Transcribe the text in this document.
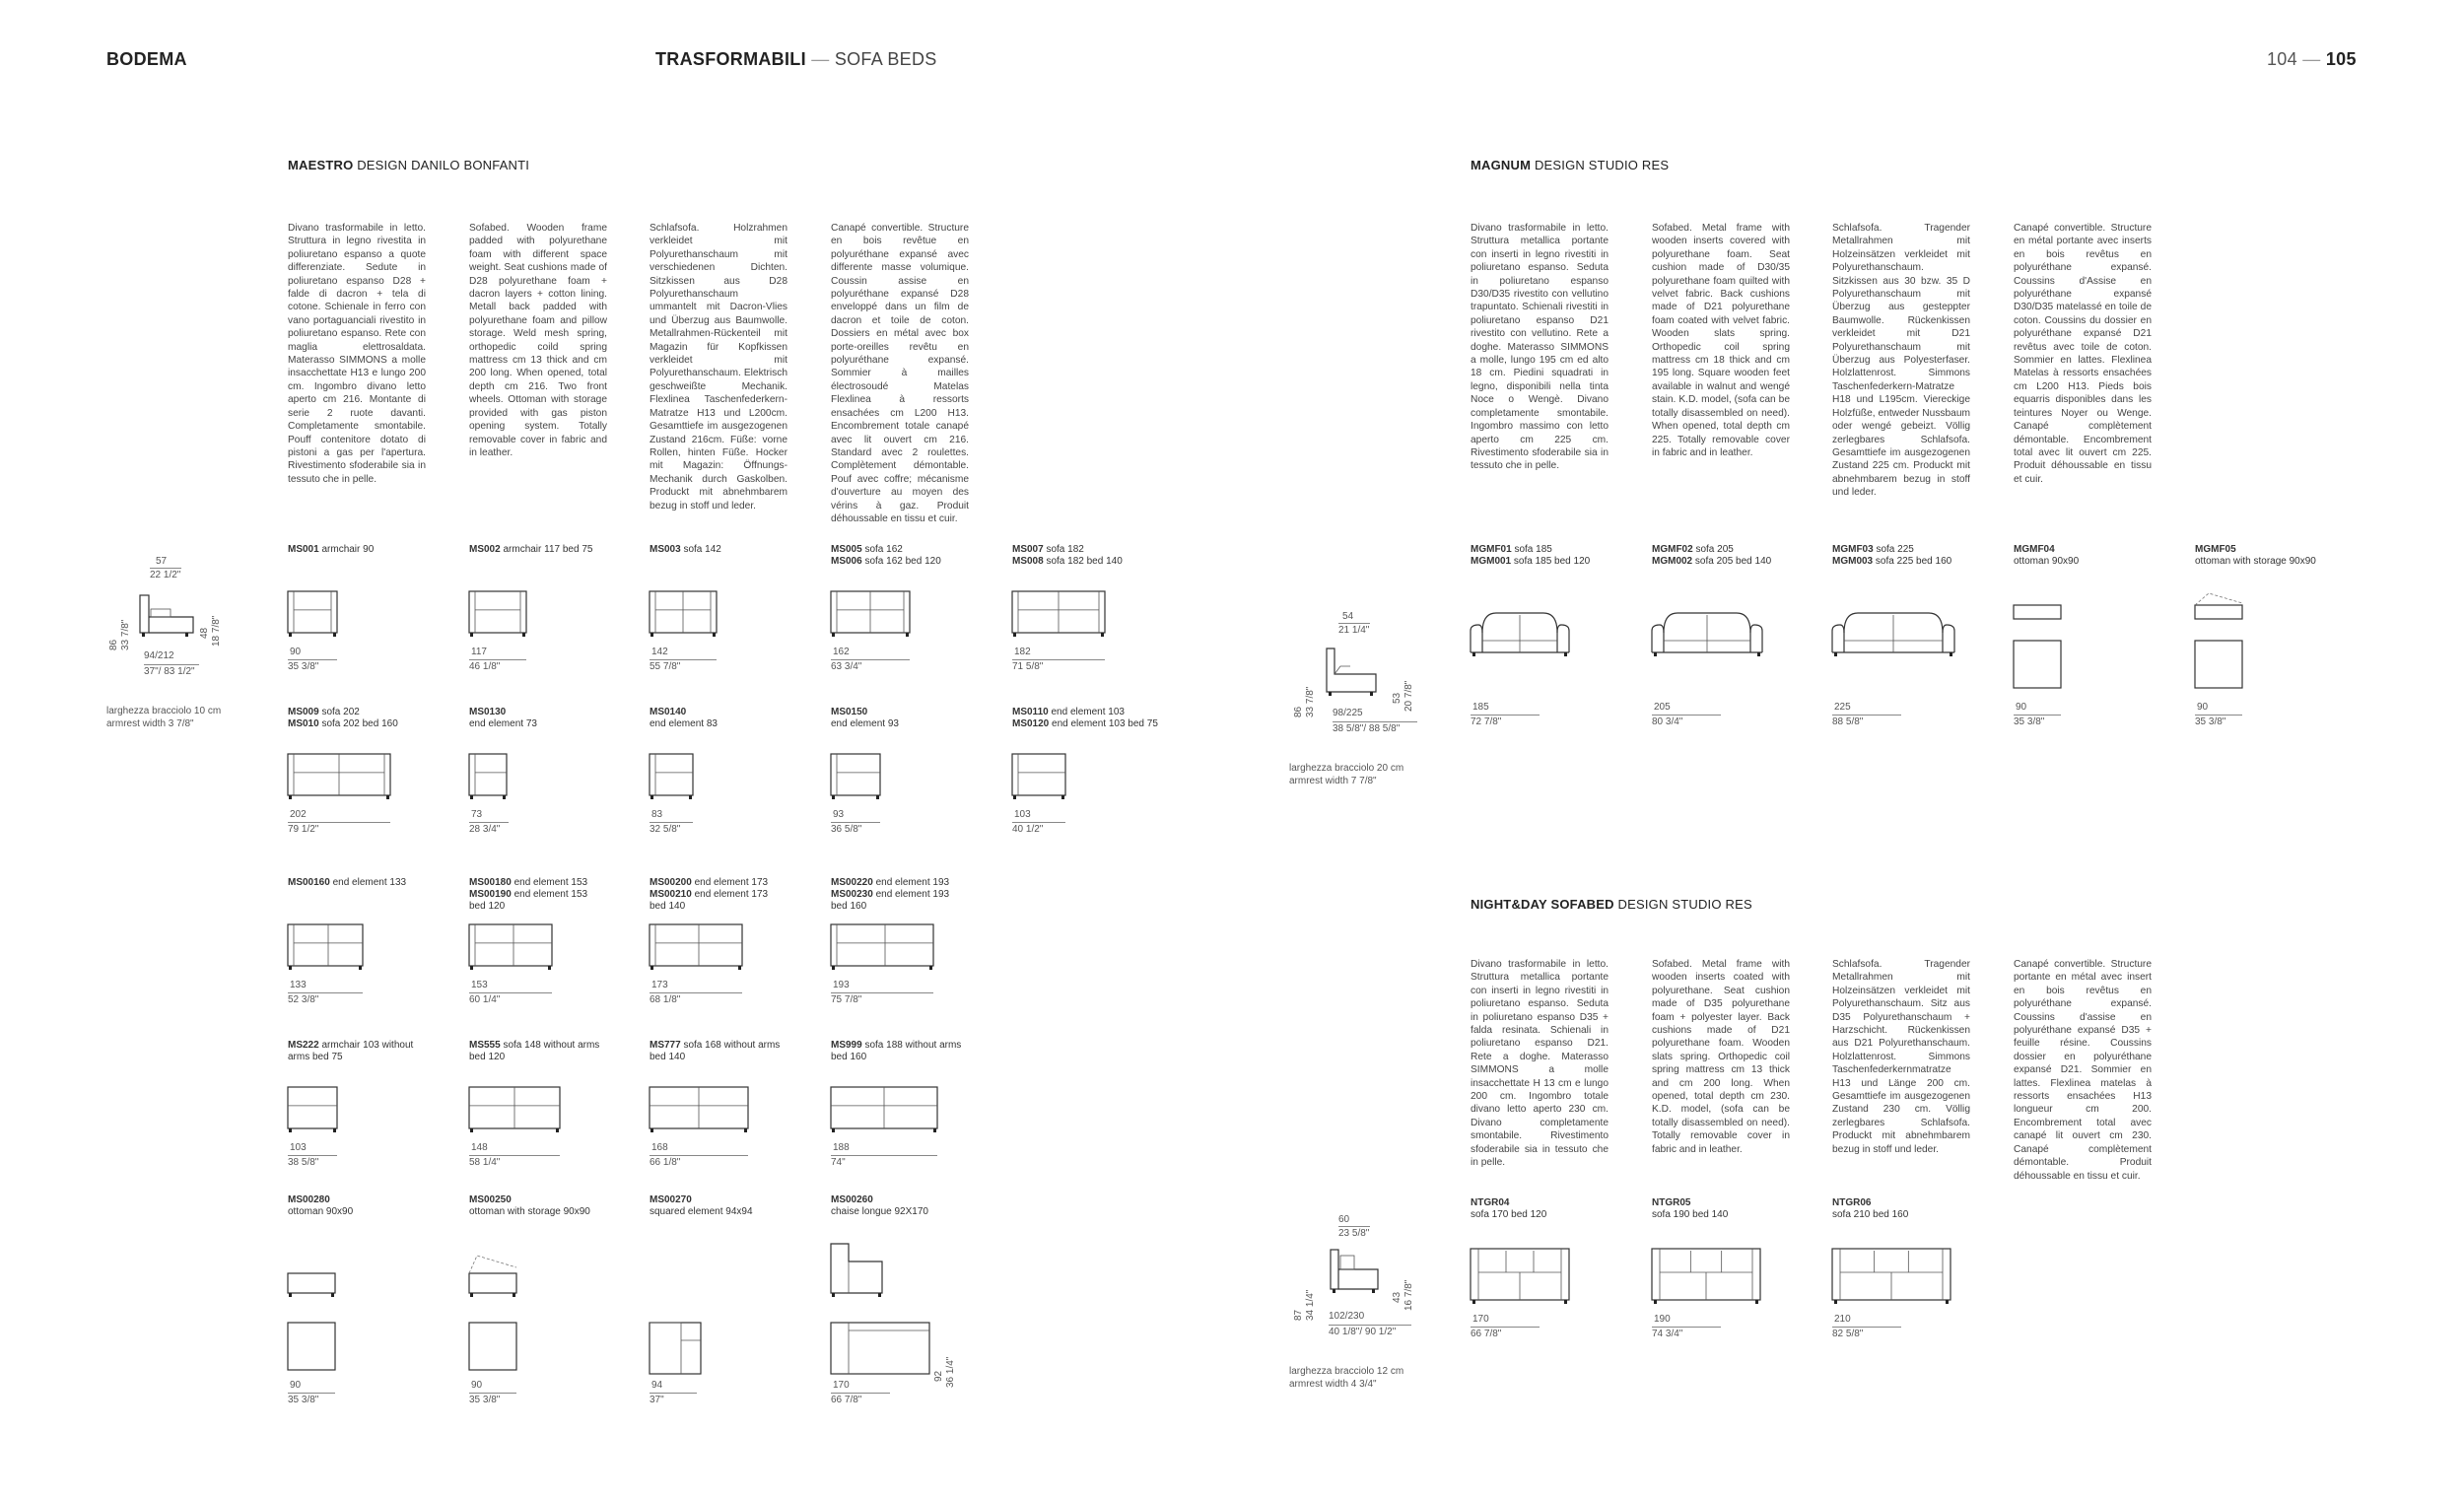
BODEMA	TRASFORMABILI — SOFA BEDS	104 — 105
MAESTRO DESIGN DANILO BONFANTI
Divano trasformabile in letto. Struttura in legno rivestita in poliuretano espanso a quote differenziate. Sedute in poliuretano espanso D28 + falde di dacron + tela di cotone. Schienale in ferro con vano portaguanciali rivestito in poliuretano espanso. Rete con maglia elettrosaldata. Materasso SIMMONS a molle insacchettate H13 e lungo 200 cm. Ingombro divano letto aperto cm 216. Montante di serie 2 ruote davanti. Completamente smontabile. Pouff contenitore dotato di pistoni a gas per l'apertura. Rivestimento sfoderabile sia in tessuto che in pelle.
Sofabed. Wooden frame padded with polyurethane foam with different space weight. Seat cushions made of D28 polyurethane foam + dacron layers + cotton lining. Metall back padded with polyurethane foam and pillow storage. Weld mesh spring, orthopedic coild spring mattress cm 13 thick and cm 200 long. When opened, total depth cm 216. Two front wheels. Ottoman with storage provided with gas piston opening system. Totally removable cover in fabric and in leather.
Schlafsofa. Holzrahmen verkleidet mit Polyurethanschaum mit verschiedenen Dichten. Sitzkissen aus D28 Polyurethanschaum ummantelt mit Dacron-Vlies und Überzug aus Baumwolle. Metallrahmen-Rückenteil mit Magazin für Kopfkissen verkleidet mit Polyurethanschaum. Elektrisch geschweißte Mechanik. Flexlinea Taschenfederkern-Matratze H13 und L200cm. Gesamttiefe im ausgezogenen Zustand 216cm. Füße: vorne Rollen, hinten Füße. Hocker mit Magazin: Öffnungs-Mechanik durch Gaskolben. Produckt mit abnehmbarem bezug in stoff und leder.
Canapé convertible. Structure en bois revêtue en polyuréthane expansé avec differente masse volumique. Coussin assise en polyuréthane expansé D28 enveloppé dans un film de dacron et toile de coton. Dossiers en métal avec box porte-oreilles revêtu en polyuréthane expansé. Sommier à mailles électrosoudé Matelas Flexlinea à ressorts ensachées cm L200 H13. Encombrement totale canapé avec lit ouvert cm 216. Standard avec 2 roulettes. Complètement démontable. Pouf avec coffre; mécanisme d'ouverture au moyen des vérins à gaz. Produit déhoussable en tissu et cuir.
57
22 1/2"
86 33 7/8"	48 18 7/8"
94/212
37"/ 83 1/2"
larghezza bracciolo 10 cm
armrest width 3 7/8"
MS001 armchair 90
90
35 3/8"
MS002 armchair 117 bed 75
117
46 1/8"
MS003 sofa 142
142
55 7/8"
MS005 sofa 162
MS006 sofa 162 bed 120
162
63 3/4"
MS007 sofa 182
MS008 sofa 182 bed 140
182
71 5/8"
MS009 sofa 202
MS010 sofa 202 bed 160
202
79 1/2"
MS0130
end element 73
73
28 3/4"
MS0140
end element 83
83
32 5/8"
MS0150
end element 93
93
36 5/8"
MS0110 end element 103
MS0120 end element 103 bed 75
103
40 1/2"
MS00160 end element 133
133
52 3/8"
MS00180 end element 153
MS00190 end element 153
bed 120
153
60 1/4"
MS00200 end element 173
MS00210 end element 173
bed 140
173
68 1/8"
MS00220 end element 193
MS00230 end element 193
bed 160
193
75 7/8"
MS222 armchair 103 without
arms bed 75
103
38 5/8"
MS555 sofa 148 without arms
bed 120
148
58 1/4"
MS777 sofa 168 without arms
bed 140
168
66 1/8"
MS999 sofa 188 without arms
bed 160
188
74"
MS00280
ottoman 90x90
90
35 3/8"
MS00250
ottoman with storage 90x90
90
35 3/8"
MS00270
squared element 94x94
94
37"
MS00260
chaise longue 92X170
92 36 1/4"
170
66 7/8"
MAGNUM DESIGN STUDIO RES
Divano trasformabile in letto. Struttura metallica portante con inserti in legno rivestiti in poliuretano espanso. Seduta in poliuretano espanso D30/D35 rivestito con vellutino trapuntato. Schienali rivestiti in poliuretano espanso D21 rivestito con vellutino. Rete a doghe. Materasso SIMMONS a molle, lungo 195 cm ed alto 18 cm. Piedini squadrati in legno, disponibili nella tinta Noce o Wengè. Divano completamente smontabile. Ingombro massimo con letto aperto cm 225 cm. Rivestimento sfoderabile sia in tessuto che in pelle.
Sofabed. Metal frame with wooden inserts covered with polyurethane foam. Seat cushion made of D30/35 polyurethane foam quilted with velvet fabric. Back cushions made of D21 polyurethane foam coated with velvet fabric. Wooden slats spring. Orthopedic coil spring mattress cm 18 thick and cm 195 long. Square wooden feet available in walnut and wengé stain. K.D. model, (sofa can be totally disassembled on need). When opened, total depth cm 225. Totally removable cover in fabric and in leather.
Schlafsofa. Tragender Metallrahmen mit Holzeinsätzen verkleidet mit Polyurethanschaum. Sitzkissen aus 30 bzw. 35 D Polyurethanschaum mit Überzug aus gesteppter Baumwolle. Rückenkissen verkleidet mit D21 Polyurethanschaum mit Überzug aus Polyesterfaser. Holzlattenrost. Simmons Taschenfederkern-Matratze H18 und L195cm. Viereckige Holzfüße, entweder Nussbaum oder wengé gebeizt. Völlig zerlegbares Schlafsofa. Gesamttiefe im ausgezogenen Zustand 225 cm. Produckt mit abnehmbarem bezug in stoff und leder.
Canapé convertible. Structure en métal portante avec inserts en bois revêtus en polyuréthane expansé. Coussins d'Assise en polyuréthane expansé D30/D35 matelassé en toile de coton. Coussins du dossier en polyuréthane expansé D21 revêtus avec toile de coton. Sommier en lattes. Flexlinea Matelas à ressorts ensachées cm L200 H13. Pieds bois equarris disponibles dans les teintures Noyer ou Wenge. Canapé complètement démontable. Encombrement total avec lit ouvert cm 225. Produit déhoussable en tissu et cuir.
54
21 1/4"
86 33 7/8"	53 20 7/8"
98/225
38 5/8"/ 88 5/8"
larghezza bracciolo 20 cm
armrest width 7 7/8"
MGMF01 sofa 185
MGM001 sofa 185 bed 120
185
72 7/8"
MGMF02 sofa 205
MGM002 sofa 205 bed 140
205
80 3/4"
MGMF03 sofa 225
MGM003 sofa 225 bed 160
225
88 5/8"
MGMF04
ottoman 90x90
90
35 3/8"
MGMF05
ottoman with storage 90x90
90
35 3/8"
NIGHT&DAY SOFABED DESIGN STUDIO RES
Divano trasformabile in letto. Struttura metallica portante con inserti in legno rivestiti in poliuretano espanso. Seduta in poliuretano espanso D35 + falda resinata. Schienali in poliuretano espanso D21. Rete a doghe. Materasso SIMMONS a molle insacchettate H 13 cm e lungo 200 cm. Ingombro totale divano letto aperto 230 cm. Divano completamente smontabile. Rivestimento sfoderabile sia in tessuto che in pelle.
Sofabed. Metal frame with wooden inserts coated with polyurethane. Seat cushion made of D35 polyurethane foam + polyester layer. Back cushions made of D21 polyurethane foam. Wooden slats spring. Orthopedic coil spring mattress cm 13 thick and cm 200 long. When opened, total depth cm 230. K.D. model, (sofa can be totally disassembled on need). Totally removable cover in fabric and in leather.
Schlafsofa. Tragender Metallrahmen mit Holzeinsätzen verkleidet mit Polyurethanschaum. Sitz aus D35 Polyurethanschaum + Harzschicht. Rückenkissen aus D21 Polyurethanschaum. Holzlattenrost. Simmons Taschenfederkernmatratze H13 und Länge 200 cm. Gesamttiefe im ausgezogenen Zustand 230 cm. Völlig zerlegbares Schlafsofa. Produckt mit abnehmbarem bezug in stoff und leder.
Canapé convertible. Structure portante en métal avec insert en bois revêtus en polyuréthane expansé. Coussins d'assise en polyuréthane expansé D35 + feuille résine. Coussins dossier en polyuréthane expansé D21. Sommier en lattes. Flexlinea matelas à ressorts ensachées H13 longueur cm 200. Encombrement total avec canapé lit ouvert cm 230. Canapé complètement démontable. Produit déhoussable en tissu et cuir.
60
23 5/8"
87 34 1/4"	43 16 7/8"
102/230
40 1/8"/ 90 1/2"
larghezza bracciolo 12 cm
armrest width 4 3/4"
NTGR04
sofa 170 bed 120
170
66 7/8"
NTGR05
sofa 190 bed 140
190
74 3/4"
NTGR06
sofa 210 bed 160
210
82 5/8"
